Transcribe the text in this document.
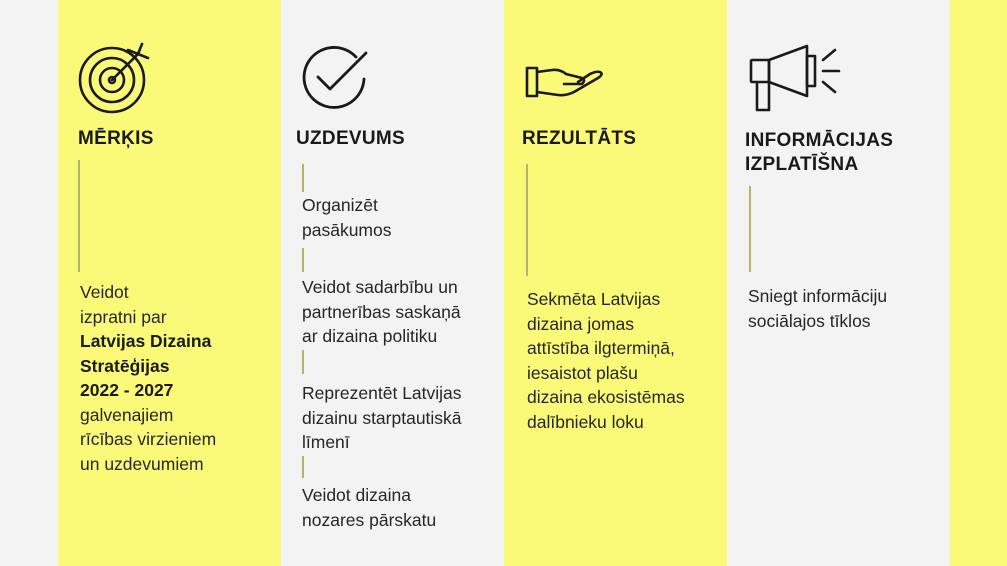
MĒRĶIS
Veidot
izpratni par
Latvijas Dizaina
Stratēģijas
2022 - 2027
galvenajiem
rīcības virzieniem
un uzdevumiem
UZDEVUMS
Organizēt
pasākumos
Veidot sadarbību un
partnerības saskaņā
ar dizaina politiku
Reprezentēt Latvijas
dizainu starptautiskā
līmenī
Veidot dizaina
nozares pārskatu
REZULTĀTS
Sekmēta Latvijas
dizaina jomas
attīstība ilgtermiņā,
iesaistot plašu
dizaina ekosistēmas
dalībnieku loku
INFORMĀCIJAS
IZPLATĪŠNA
Sniegt informāciju
sociālajos tīklos
